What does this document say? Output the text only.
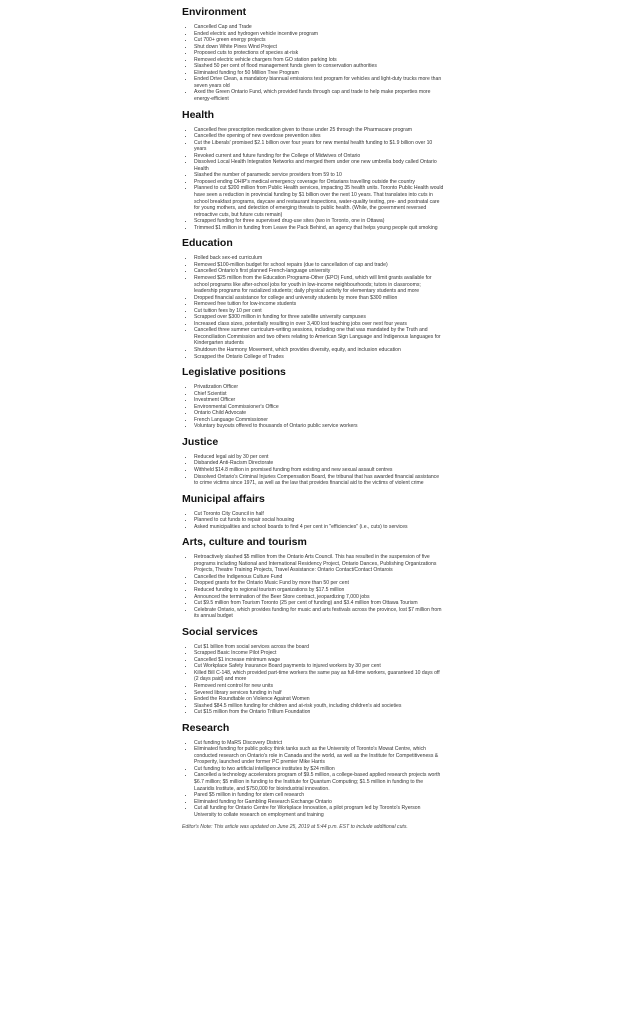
Environment
• Cancelled Cap and Trade
• Ended electric and hydrogen vehicle incentive program
• Cut 700+ green energy projects
• Shut down White Pines Wind Project
• Proposed cuts to protections of species at-risk
• Removed electric vehicle chargers from GO station parking lots
• Slashed 50 per cent of flood management funds given to conservation authorities
• Eliminated funding for 50 Million Tree Program
• Ended Drive Clean, a mandatory biannual emissions test program for vehicles and light-duty trucks more than seven years old
• Axed the Green Ontario Fund, which provided funds through cap and trade to help make properties more energy-efficient
Health
• Cancelled free prescription medication given to those under 25 through the Pharmacare program
• Cancelled the opening of new overdose prevention sites
• Cut the Liberals' promised $2.1 billion over four years for new mental health funding to $1.9 billion over 10 years
• Revoked current and future funding for the College of Midwives of Ontario
• Dissolved Local Health Integration Networks and merged them under one new umbrella body called Ontario Health
• Slashed the number of paramedic service providers from 59 to 10
• Proposed ending OHIP's medical emergency coverage for Ontarians travelling outside the country
• Planned to cut $200 million from Public Health services, impacting 35 health units. Toronto Public Health would have seen a reduction in provincial funding by $1 billion over the next 10 years. That translates into cuts in school breakfast programs, daycare and restaurant inspections, water-quality testing, pre- and postnatal care for young mothers, and detection of emerging threats to public health. (While, the government reversed retroactive cuts, but future cuts remain)
• Scrapped funding for three supervised drug-use sites (two in Toronto, one in Ottawa)
• Trimmed $1 million in funding from Leave the Pack Behind, an agency that helps young people quit smoking
Education
• Rolled back sex-ed curriculum
• Removed $100-million budget for school repairs (due to cancellation of cap and trade)
• Cancelled Ontario's first planned French-language university
• Removed $25 million from the Education Programs-Other (EPO) Fund, which will limit grants available for school programs like after-school jobs for youth in low-income neighbourhoods; tutors in classrooms; leadership programs for racialized students; daily physical activity for elementary students and more
• Dropped financial assistance for college and university students by more than $300 million
• Removed free tuition for low-income students
• Cut tuition fees by 10 per cent
• Scrapped over $300 million in funding for three satellite university campuses
• Increased class sizes, potentially resulting in over 3,400 lost teaching jobs over next four years
• Cancelled three summer curriculum-writing sessions, including one that was mandated by the Truth and Reconciliation Commission and two others relating to American Sign Language and Indigenous languages for Kindergarten students
• Shutdown the Harmony Movement, which provides diversity, equity, and inclusion education
• Scrapped the Ontario College of Trades
Legislative positions
• Privatization Officer
• Chief Scientist
• Investment Officer
• Environmental Commissioner's Office
• Ontario Child Advocate
• French Language Commissioner
• Voluntary buyouts offered to thousands of Ontario public service workers
Justice
• Reduced legal aid by 30 per cent
• Disbanded Anti-Racism Directorate
• Withheld $14.8 million in promised funding from existing and new sexual assault centres
• Dissolved Ontario's Criminal Injuries Compensation Board, the tribunal that has awarded financial assistance to crime victims since 1971, as well as the law that provides financial aid to the victims of violent crime
Municipal affairs
• Cut Toronto City Council in half
• Planned to cut funds to repair social housing
• Asked municipalities and school boards to find 4 per cent in "efficiencies" (i.e., cuts) to services
Arts, culture and tourism
• Retroactively slashed $5 million from the Ontario Arts Council. This has resulted in the suspension of five programs including National and International Residency Project, Ontario Dances, Publishing Organizations Projects, Theatre Training Projects, Travel Assistance: Ontario Contact/Contact Ontarois
• Cancelled the Indigenous Culture Fund
• Dropped grants for the Ontario Music Fund by more than 50 per cent
• Reduced funding to regional tourism organizations by $17.5 million
• Announced the termination of the Beer Store contract, jeopardizing 7,000 jobs
• Cut $9.5 million from Tourism Toronto (25 per cent of funding) and $3.4 million from Ottawa Tourism
• Celebrate Ontario, which provides funding for music and arts festivals across the province, lost $7 million from its annual budget
Social services
• Cut $1 billion from social services across the board
• Scrapped Basic Income Pilot Project
• Cancelled $1 increase minimum wage
• Cut Workplace Safety Insurance Board payments to injured workers by 30 per cent
• Killed Bill C-148, which provided part-time workers the same pay as full-time workers, guaranteed 10 days off (2 days paid) and more
• Removed rent control for new units
• Severed library services funding in half
• Ended the Roundtable on Violence Against Women
• Slashed $84.5 million funding for children and at-risk youth, including children's aid societies
• Cut $15 million from the Ontario Trillium Foundation
Research
• Cut funding to MaRS Discovery District
• Eliminated funding for public policy think tanks such as the University of Toronto's Mowat Centre, which conducted research on Ontario's role in Canada and the world, as well as the Institute for Competitiveness & Prosperity, launched under former PC premier Mike Harris
• Cut funding to two artificial intelligence institutes by $24 million
• Cancelled a technology accelerators program of $9.5 million, a college-based applied research projects worth $6.7 million; $5 million in funding to the Institute for Quantum Computing; $1.5 million in funding to the Lazaridis Institute, and $750,000 for bioindustrial innovation.
• Pared $5 million in funding for stem cell research
• Eliminated funding for Gambling Research Exchange Ontario
• Cut all funding for Ontario Centre for Workplace Innovation, a pilot program led by Toronto's Ryerson University to collate research on employment and training
Editor's Note: This article was updated on June 25, 2019 at 5:44 p.m. EST to include additional cuts.
